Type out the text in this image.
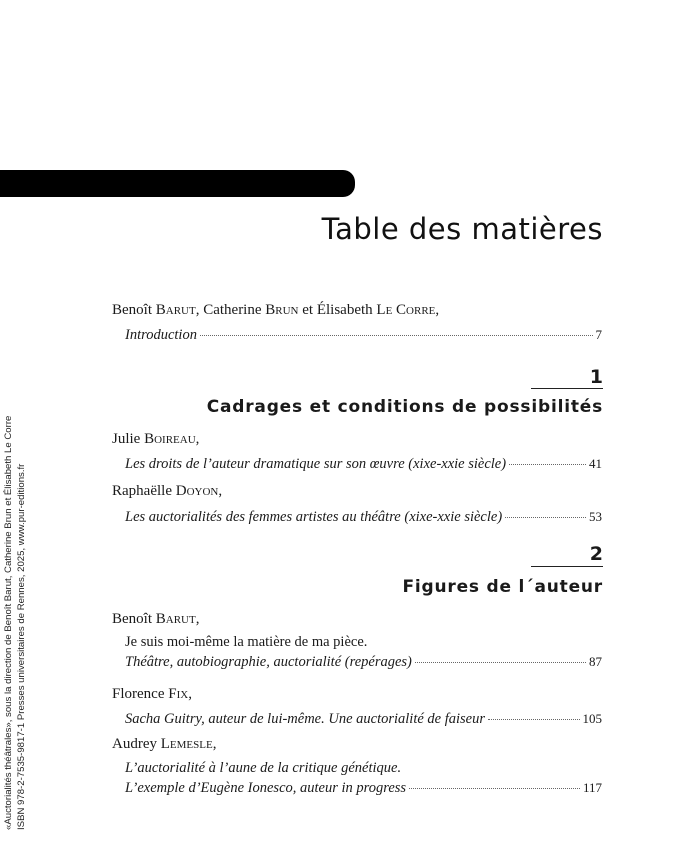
«Auctorialités théâtrales», sous la direction de Benoît Barut, Catherine Brun et Élisabeth Le Corre ISBN 978-2-7535-9817-1 Presses universitaires de Rennes, 2025, www.pur-editions.fr
Table des matières
Benoît Barut, Catherine Brun et Élisabeth Le Corre,
Introduction	7
1
Cadrages et conditions de possibilités
Julie Boireau,
Les droits de l’auteur dramatique sur son œuvre (xixe-xxie siècle)	41
Raphaëlle Doyon,
Les auctorialités des femmes artistes au théâtre (xixe-xxie siècle)	53
2
Figures de l´auteur
Benoît Barut,
Je suis moi-même la matière de ma pièce.
Théâtre, autobiographie, auctorialité (repérages)	87
Florence Fix,
Sacha Guitry, auteur de lui-même. Une auctorialité de faiseur	105
Audrey Lemesle,
L’auctorialité à l’aune de la critique génétique.
L’exemple d’Eugène Ionesco, auteur in progress	117
